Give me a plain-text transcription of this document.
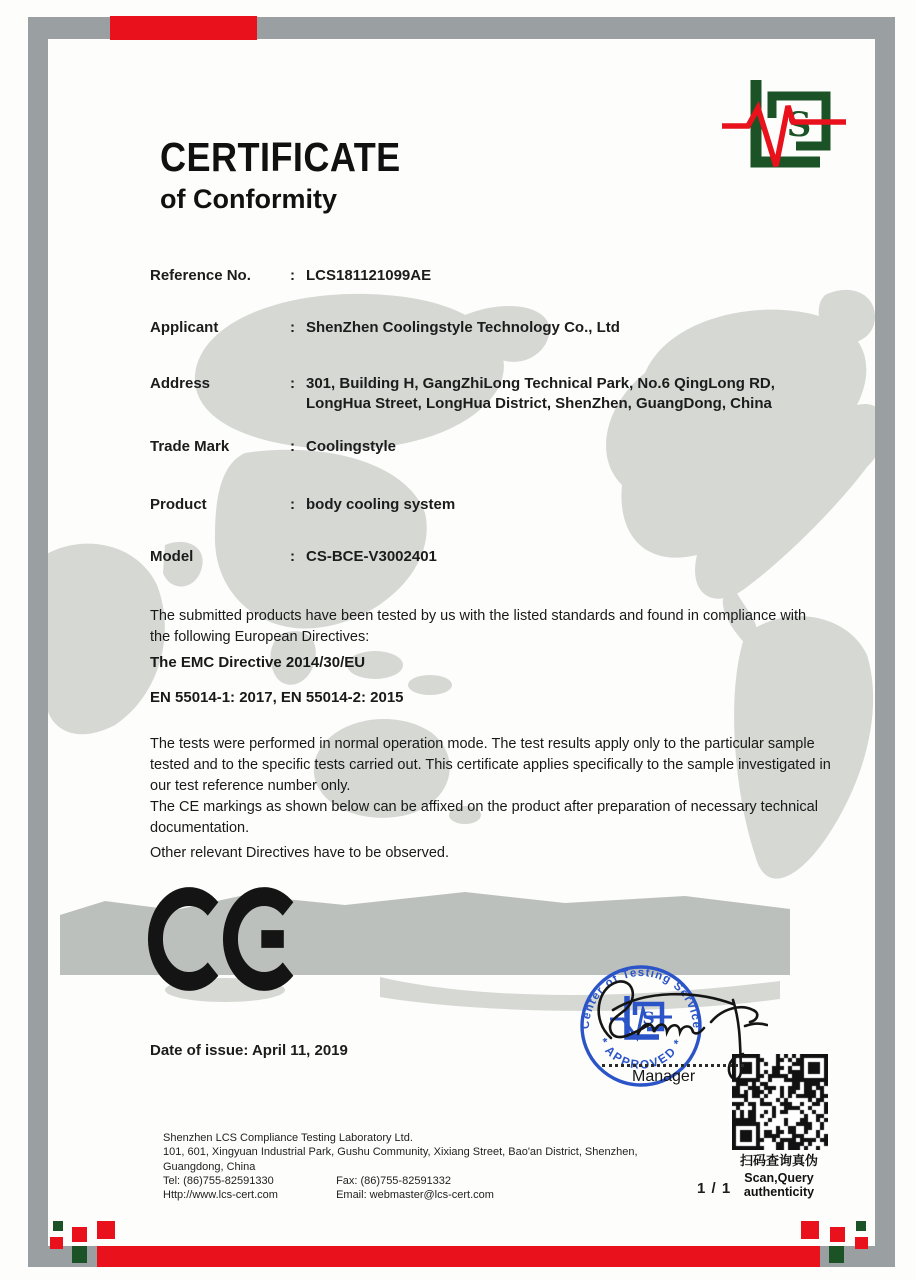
S
CERTIFICATE
of Conformity
Reference No.	: LCS181121099AE
Applicant	: ShenZhen Coolingstyle Technology Co., Ltd
Address	: 301, Building H, GangZhiLong Technical Park, No.6 QingLong RD, LongHua Street, LongHua District, ShenZhen, GuangDong, China
Trade Mark	: Coolingstyle
Product	: body cooling system
Model	: CS-BCE-V3002401
The submitted products have been tested by us with the listed standards and found in compliance with the following European Directives:
The EMC Directive 2014/30/EU
EN 55014-1: 2017, EN 55014-2: 2015
The tests were performed in normal operation mode. The test results apply only to the particular sample tested and to the specific tests carried out. This certificate applies specifically to the sample investigated in our test reference number only.
The CE markings as shown below can be affixed on the product after preparation of necessary technical documentation.
Other relevant Directives have to be observed.
Date of issue: April 11, 2019
Center of Testing Service
* APPROVED *
S
Manager
扫码查询真伪
Scan,Query authenticity
Shenzhen LCS Compliance Testing Laboratory Ltd.
101, 601, Xingyuan Industrial Park, Gushu Community, Xixiang Street, Bao'an District, Shenzhen,
Guangdong, China
Tel: (86)755-82591330	Fax: (86)755-82591332
Http://www.lcs-cert.com	Email: webmaster@lcs-cert.com	1 / 1
